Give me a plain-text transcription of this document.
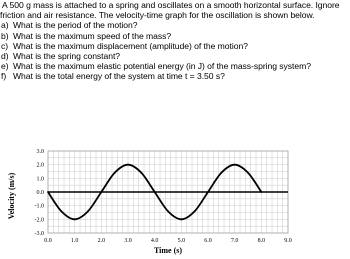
A 500 g mass is attached to a spring and oscillates on a smooth horizontal surface. Ignore
friction and air resistance. The velocity-time graph for the oscillation is shown below.
a) What is the period of the motion?
b) What is the maximum speed of the mass?
c) What is the maximum displacement (amplitude) of the motion?
d) What is the spring constant?
e) What is the maximum elastic potential energy (in J) of the mass-spring system?
f) What is the total energy of the system at time t = 3.50 s?
3.0
2.0
1.0
0.0
-1.0
-2.0
-3.0
0.0	1.0	2.0	3.0	4.0	5.0	6.0	7.0	8.0	9.0
Time (s)
Velocity (m/s)
